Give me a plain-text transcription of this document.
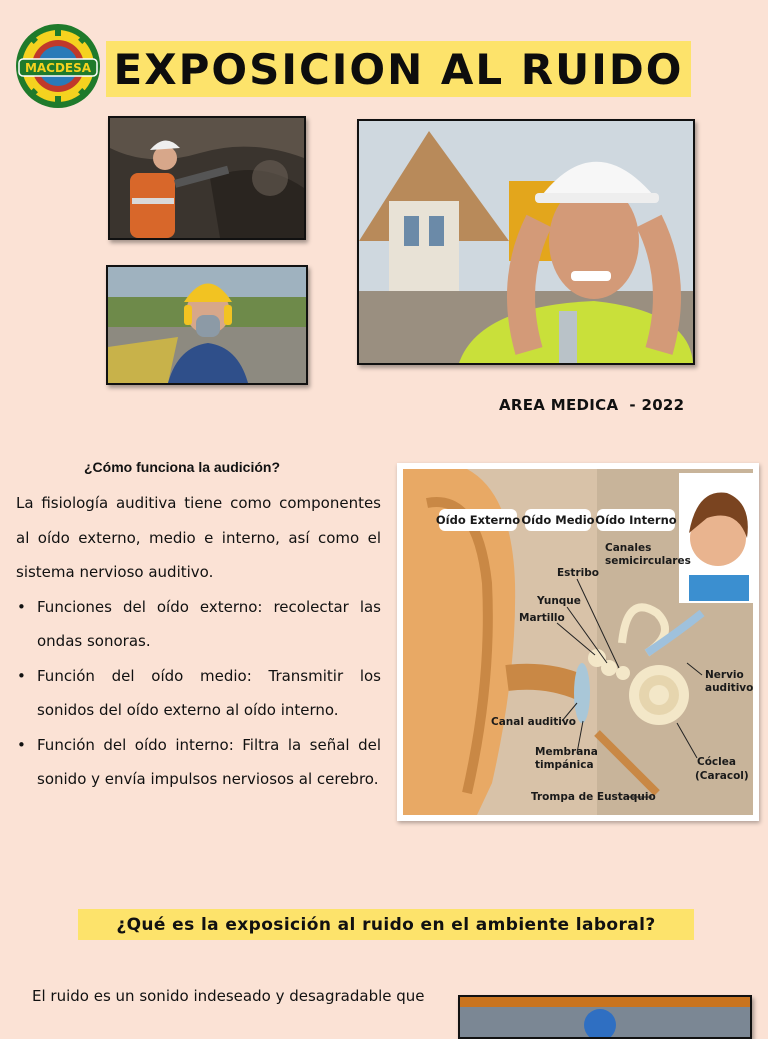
MACDESA EXPOSICION AL RUIDO
AREA MEDICA  - 2022
¿Cómo funciona la audición?

La fisiología auditiva tiene como componentes al oído externo, medio e interno, así como el sistema nervioso auditivo.

• Funciones del oído externo: recolectar las ondas sonoras.
• Función del oído medio: Transmitir los sonidos del oído externo al oído interno.
• Función del oído interno: Filtra la señal del sonido y envía impulsos nerviosos al cerebro.
Oído Externo Oído Medio Oído Interno
Canales
semicirculares
Estribo
Yunque
Martillo
Nervio
auditivo
Canal auditivo
Membrana
timpánica	Cóclea
(Caracol)
Trompa de Eustaquio
¿Qué es la exposición al ruido en el ambiente laboral?
El ruido es un sonido indeseado y desagradable que
